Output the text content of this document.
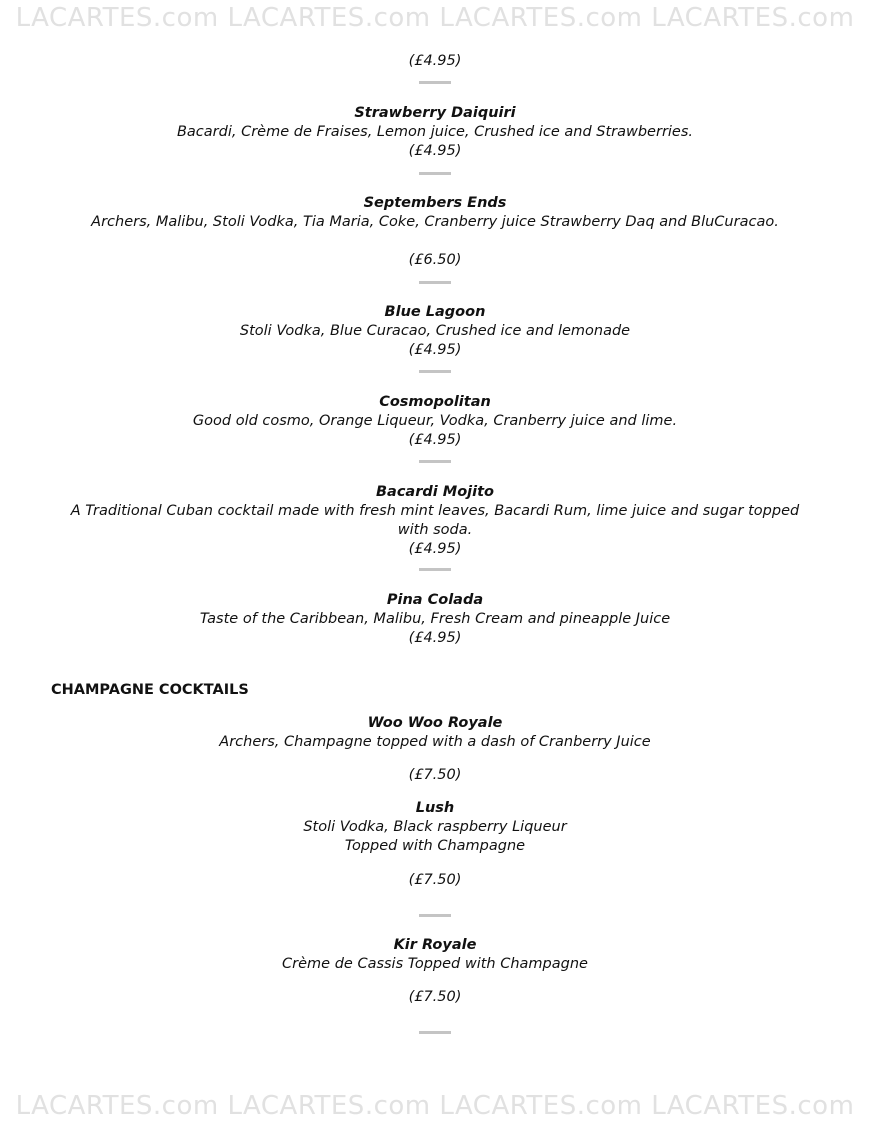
LACARTES.com LACARTES.com LACARTES.com LACARTES.com
(£4.95)
Strawberry Daiquiri
Bacardi, Crème de Fraises, Lemon juice, Crushed ice and Strawberries.
(£4.95)
Septembers Ends
Archers, Malibu, Stoli Vodka, Tia Maria, Coke, Cranberry juice Strawberry Daq and BluCuracao.
(£6.50)
Blue Lagoon
Stoli Vodka, Blue Curacao, Crushed ice and lemonade
(£4.95)
Cosmopolitan
Good old cosmo, Orange Liqueur, Vodka, Cranberry juice and lime.
(£4.95)
Bacardi Mojito
A Traditional Cuban cocktail made with fresh mint leaves, Bacardi Rum, lime juice and sugar topped with soda.
(£4.95)
Pina Colada
Taste of the Caribbean, Malibu, Fresh Cream and pineapple Juice
(£4.95)
CHAMPAGNE COCKTAILS
Woo Woo Royale
Archers, Champagne topped with a dash of Cranberry Juice
(£7.50)
Lush
Stoli Vodka, Black raspberry Liqueur
Topped with Champagne
(£7.50)
Kir Royale
Crème de Cassis Topped with Champagne
(£7.50)
LACARTES.com LACARTES.com LACARTES.com LACARTES.com
